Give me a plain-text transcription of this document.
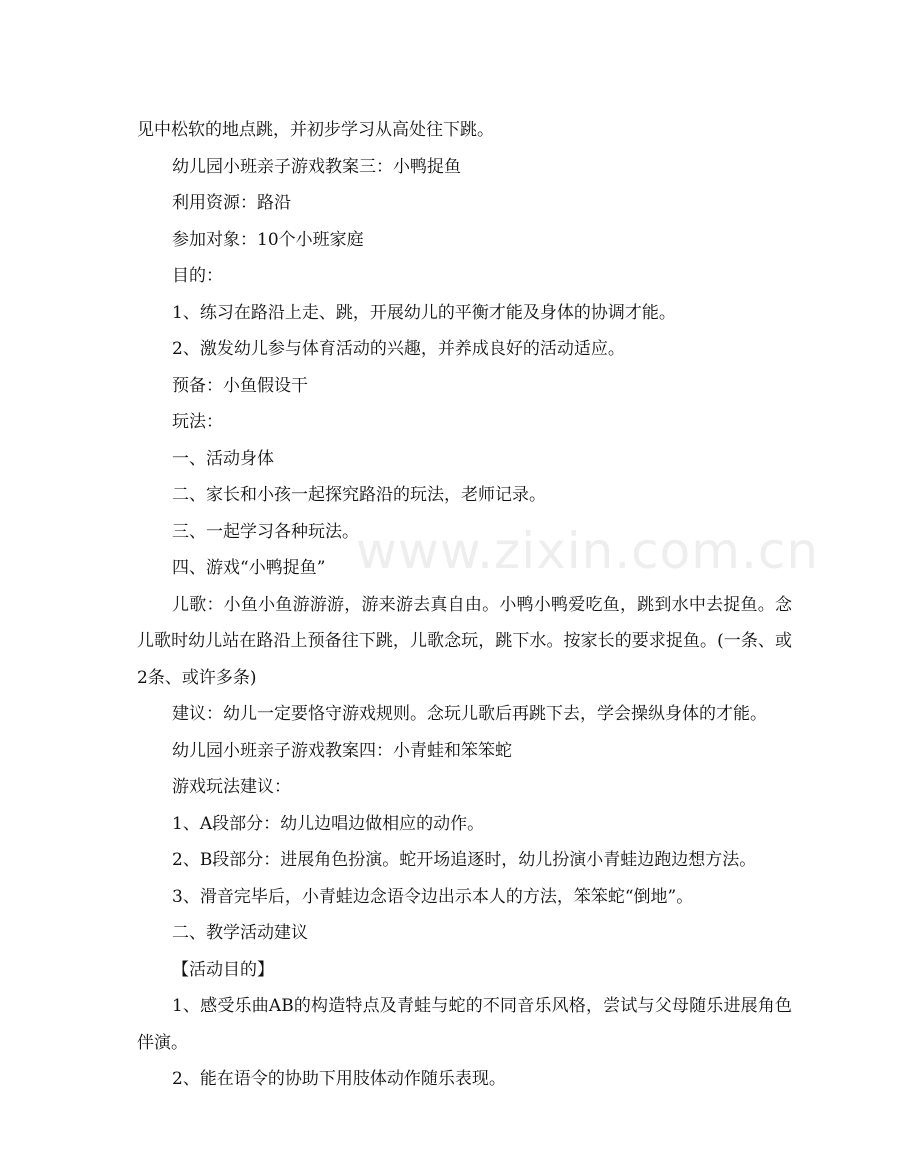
www.zixin.com.cn

见中松软的地点跳，并初步学习从高处往下跳。

幼儿园小班亲子游戏教案三：小鸭捉鱼

利用资源：路沿

参加对象：10个小班家庭

目的：

1、练习在路沿上走、跳，开展幼儿的平衡才能及身体的协调才能。

2、激发幼儿参与体育活动的兴趣，并养成良好的活动适应。

预备：小鱼假设干

玩法：

一、活动身体

二、家长和小孩一起探究路沿的玩法，老师记录。

三、一起学习各种玩法。

四、游戏“小鸭捉鱼”

儿歌：小鱼小鱼游游游，游来游去真自由。小鸭小鸭爱吃鱼，跳到水中去捉鱼。念儿歌时幼儿站在路沿上预备往下跳，儿歌念玩，跳下水。按家长的要求捉鱼。(一条、或2条、或许多条)

建议：幼儿一定要恪守游戏规则。念玩儿歌后再跳下去，学会操纵身体的才能。

幼儿园小班亲子游戏教案四：小青蛙和笨笨蛇

游戏玩法建议：

1、A段部分：幼儿边唱边做相应的动作。

2、B段部分：进展角色扮演。蛇开场追逐时，幼儿扮演小青蛙边跑边想方法。

3、滑音完毕后，小青蛙边念语令边出示本人的方法，笨笨蛇“倒地”。

二、教学活动建议

【活动目的】

1、感受乐曲AB的构造特点及青蛙与蛇的不同音乐风格，尝试与父母随乐进展角色伴演。

2、能在语令的协助下用肢体动作随乐表现。
